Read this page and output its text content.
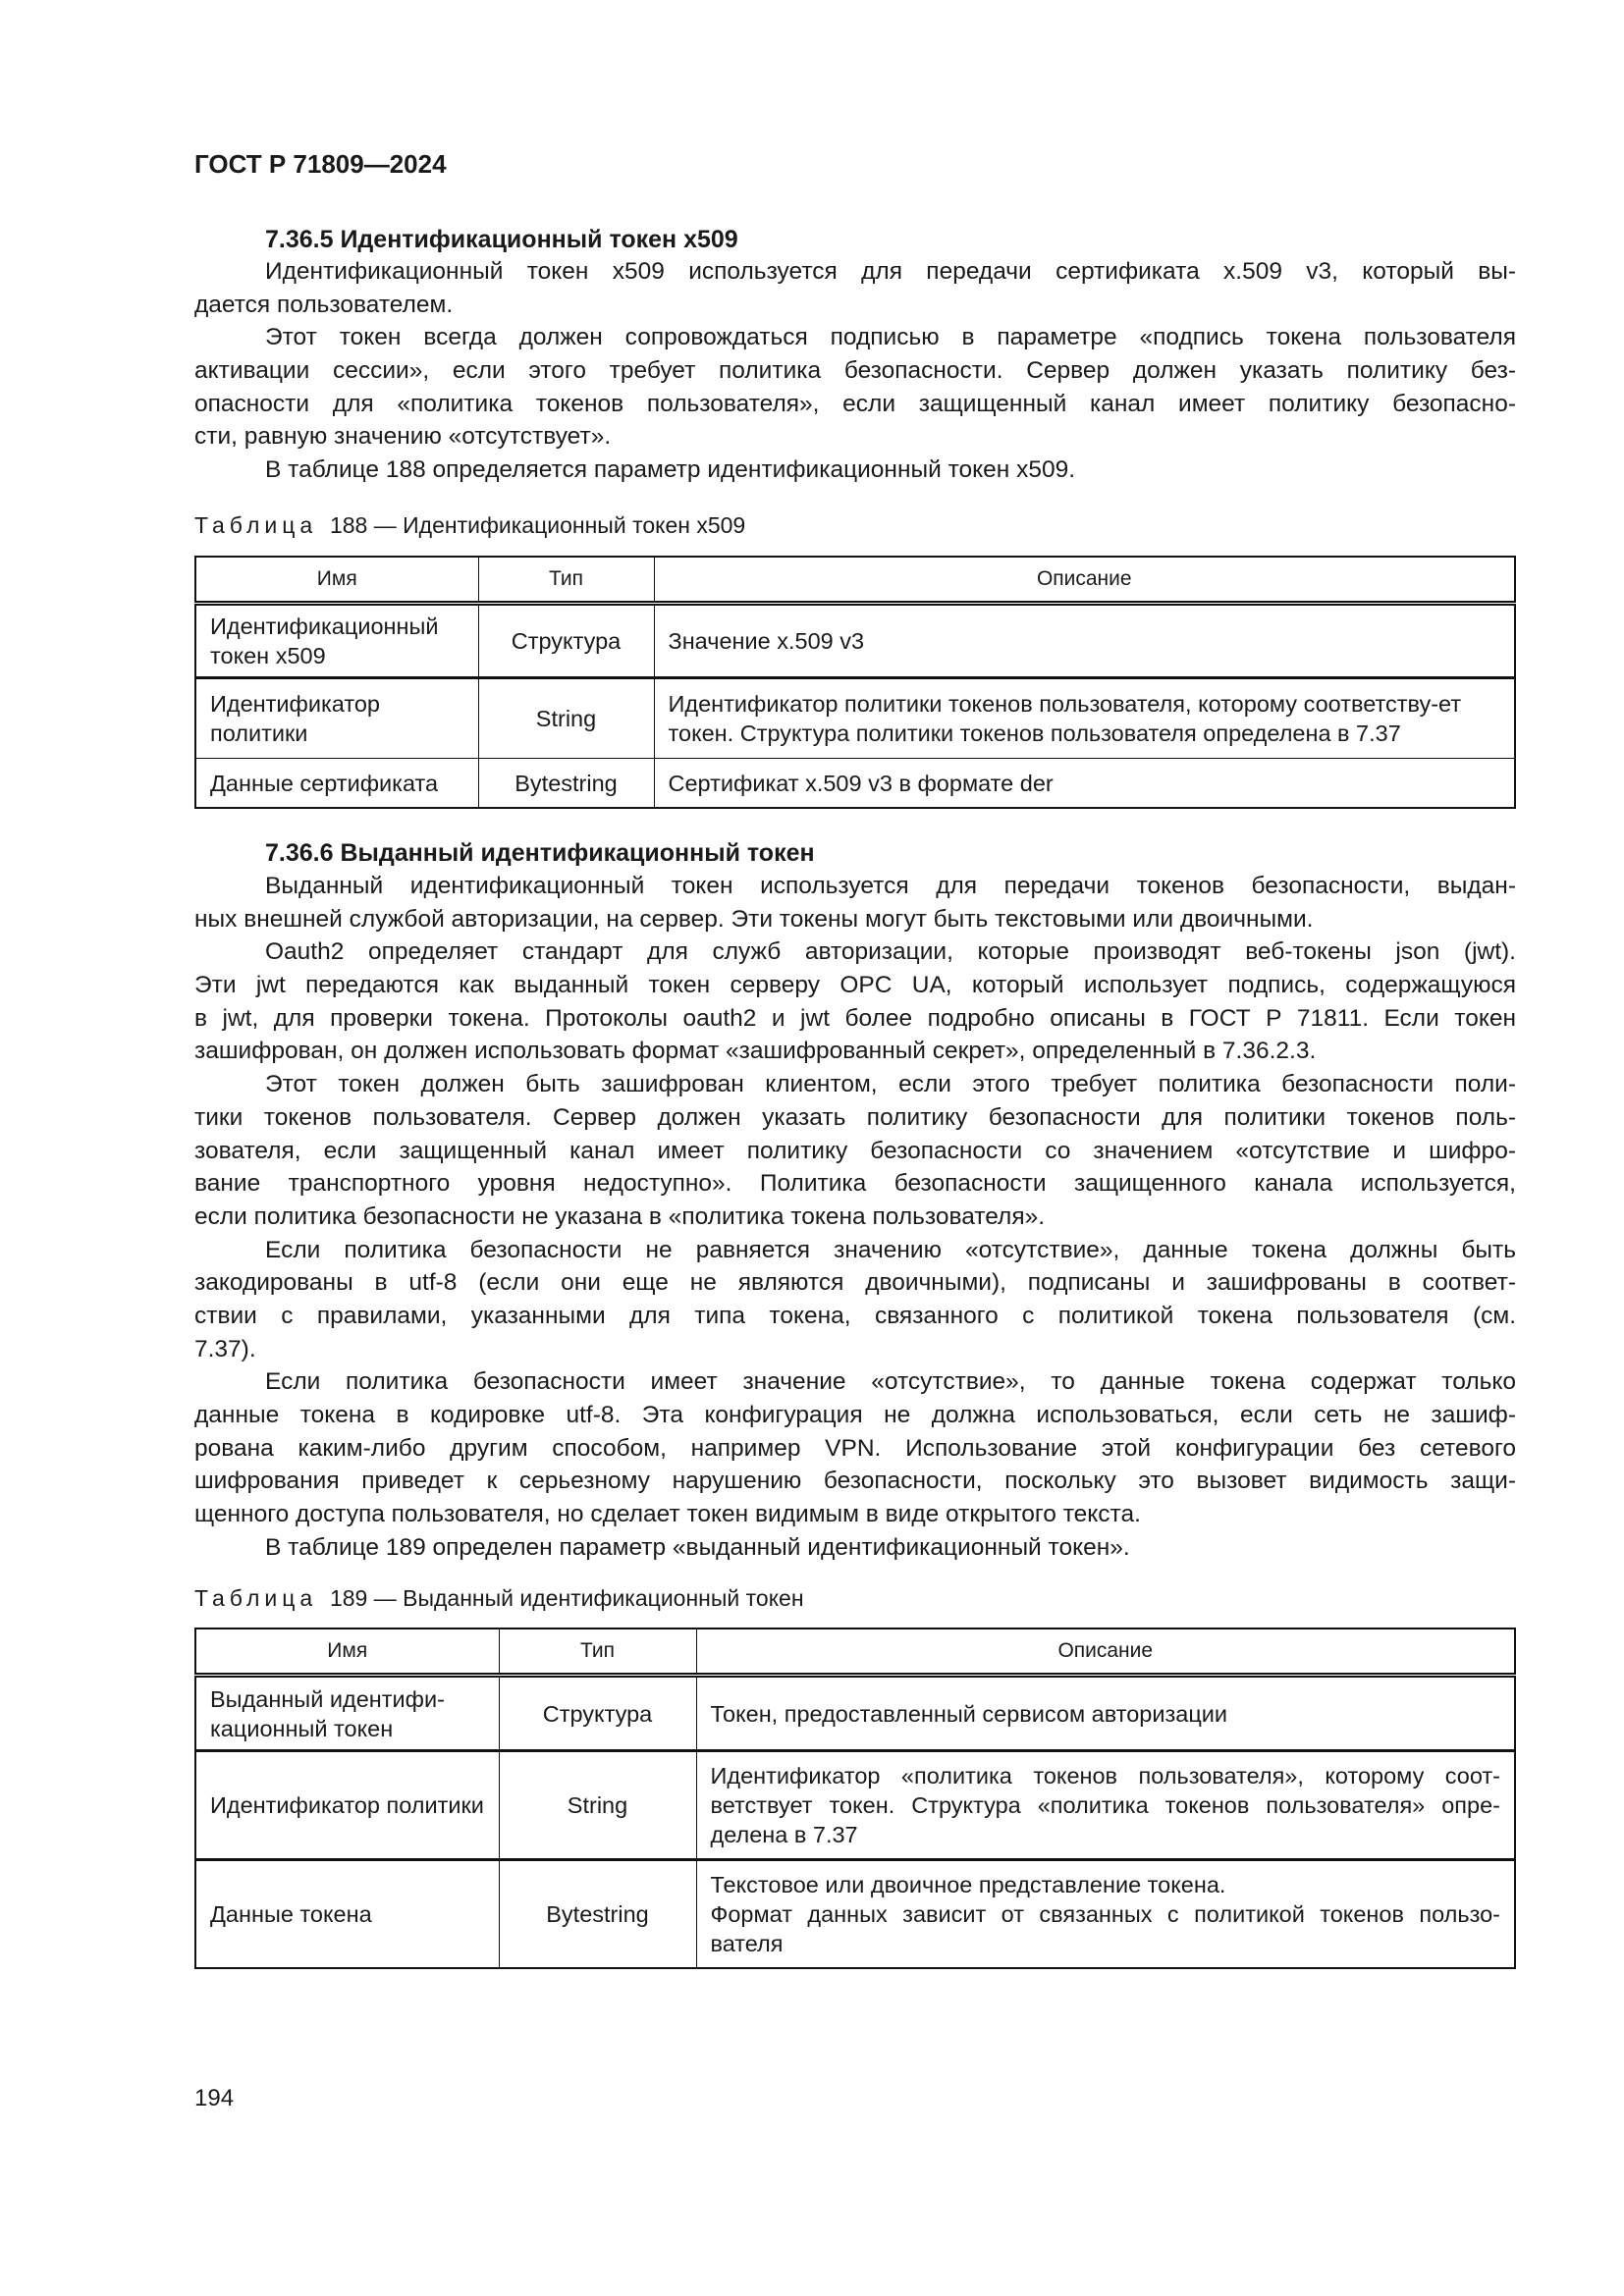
ГОСТ Р 71809—2024
7.36.5 Идентификационный токен x509
Идентификационный токен x509 используется для передачи сертификата x.509 v3, который вы-
дается пользователем.
Этот токен всегда должен сопровождаться подписью в параметре «подпись токена пользователя
активации сессии», если этого требует политика безопасности. Сервер должен указать политику без-
опасности для «политика токенов пользователя», если защищенный канал имеет политику безопасно-
сти, равную значению «отсутствует».
В таблице 188 определяется параметр идентификационный токен x509.
Таблица 188 — Идентификационный токен x509
Имя	Тип	Описание
Идентификационный токен x509	Структура	Значение x.509 v3
Идентификатор политики	String	Идентификатор политики токенов пользователя, которому соответству-ет токен. Структура политики токенов пользователя определена в 7.37
Данные сертификата	Bytestring	Сертификат x.509 v3 в формате der
7.36.6 Выданный идентификационный токен
Выданный идентификационный токен используется для передачи токенов безопасности, выдан-
ных внешней службой авторизации, на сервер. Эти токены могут быть текстовыми или двоичными.
Oauth2 определяет стандарт для служб авторизации, которые производят веб-токены json (jwt).
Эти jwt передаются как выданный токен серверу OPC UA, который использует подпись, содержащуюся
в jwt, для проверки токена. Протоколы oauth2 и jwt более подробно описаны в ГОСТ Р 71811. Если токен
зашифрован, он должен использовать формат «зашифрованный секрет», определенный в 7.36.2.3.
Этот токен должен быть зашифрован клиентом, если этого требует политика безопасности поли-
тики токенов пользователя. Сервер должен указать политику безопасности для политики токенов поль-
зователя, если защищенный канал имеет политику безопасности со значением «отсутствие и шифро-
вание транспортного уровня недоступно». Политика безопасности защищенного канала используется,
если политика безопасности не указана в «политика токена пользователя».
Если политика безопасности не равняется значению «отсутствие», данные токена должны быть
закодированы в utf-8 (если они еще не являются двоичными), подписаны и зашифрованы в соответ-
ствии с правилами, указанными для типа токена, связанного с политикой токена пользователя (см.
7.37).
Если политика безопасности имеет значение «отсутствие», то данные токена содержат только
данные токена в кодировке utf-8. Эта конфигурация не должна использоваться, если сеть не зашиф-
рована каким-либо другим способом, например VPN. Использование этой конфигурации без сетевого
шифрования приведет к серьезному нарушению безопасности, поскольку это вызовет видимость защи-
щенного доступа пользователя, но сделает токен видимым в виде открытого текста.
В таблице 189 определен параметр «выданный идентификационный токен».
Таблица 189 — Выданный идентификационный токен
Имя	Тип	Описание
Выданный идентифи-кационный токен	Структура	Токен, предоставленный сервисом авторизации
Идентификатор политики	String	Идентификатор «политика токенов пользователя», которому соот-ветствует токен. Структура «политика токенов пользователя» опре-делена в 7.37
Данные токена	Bytestring	Текстовое или двоичное представление токена.
Формат данных зависит от связанных с политикой токенов пользо-вателя
194
